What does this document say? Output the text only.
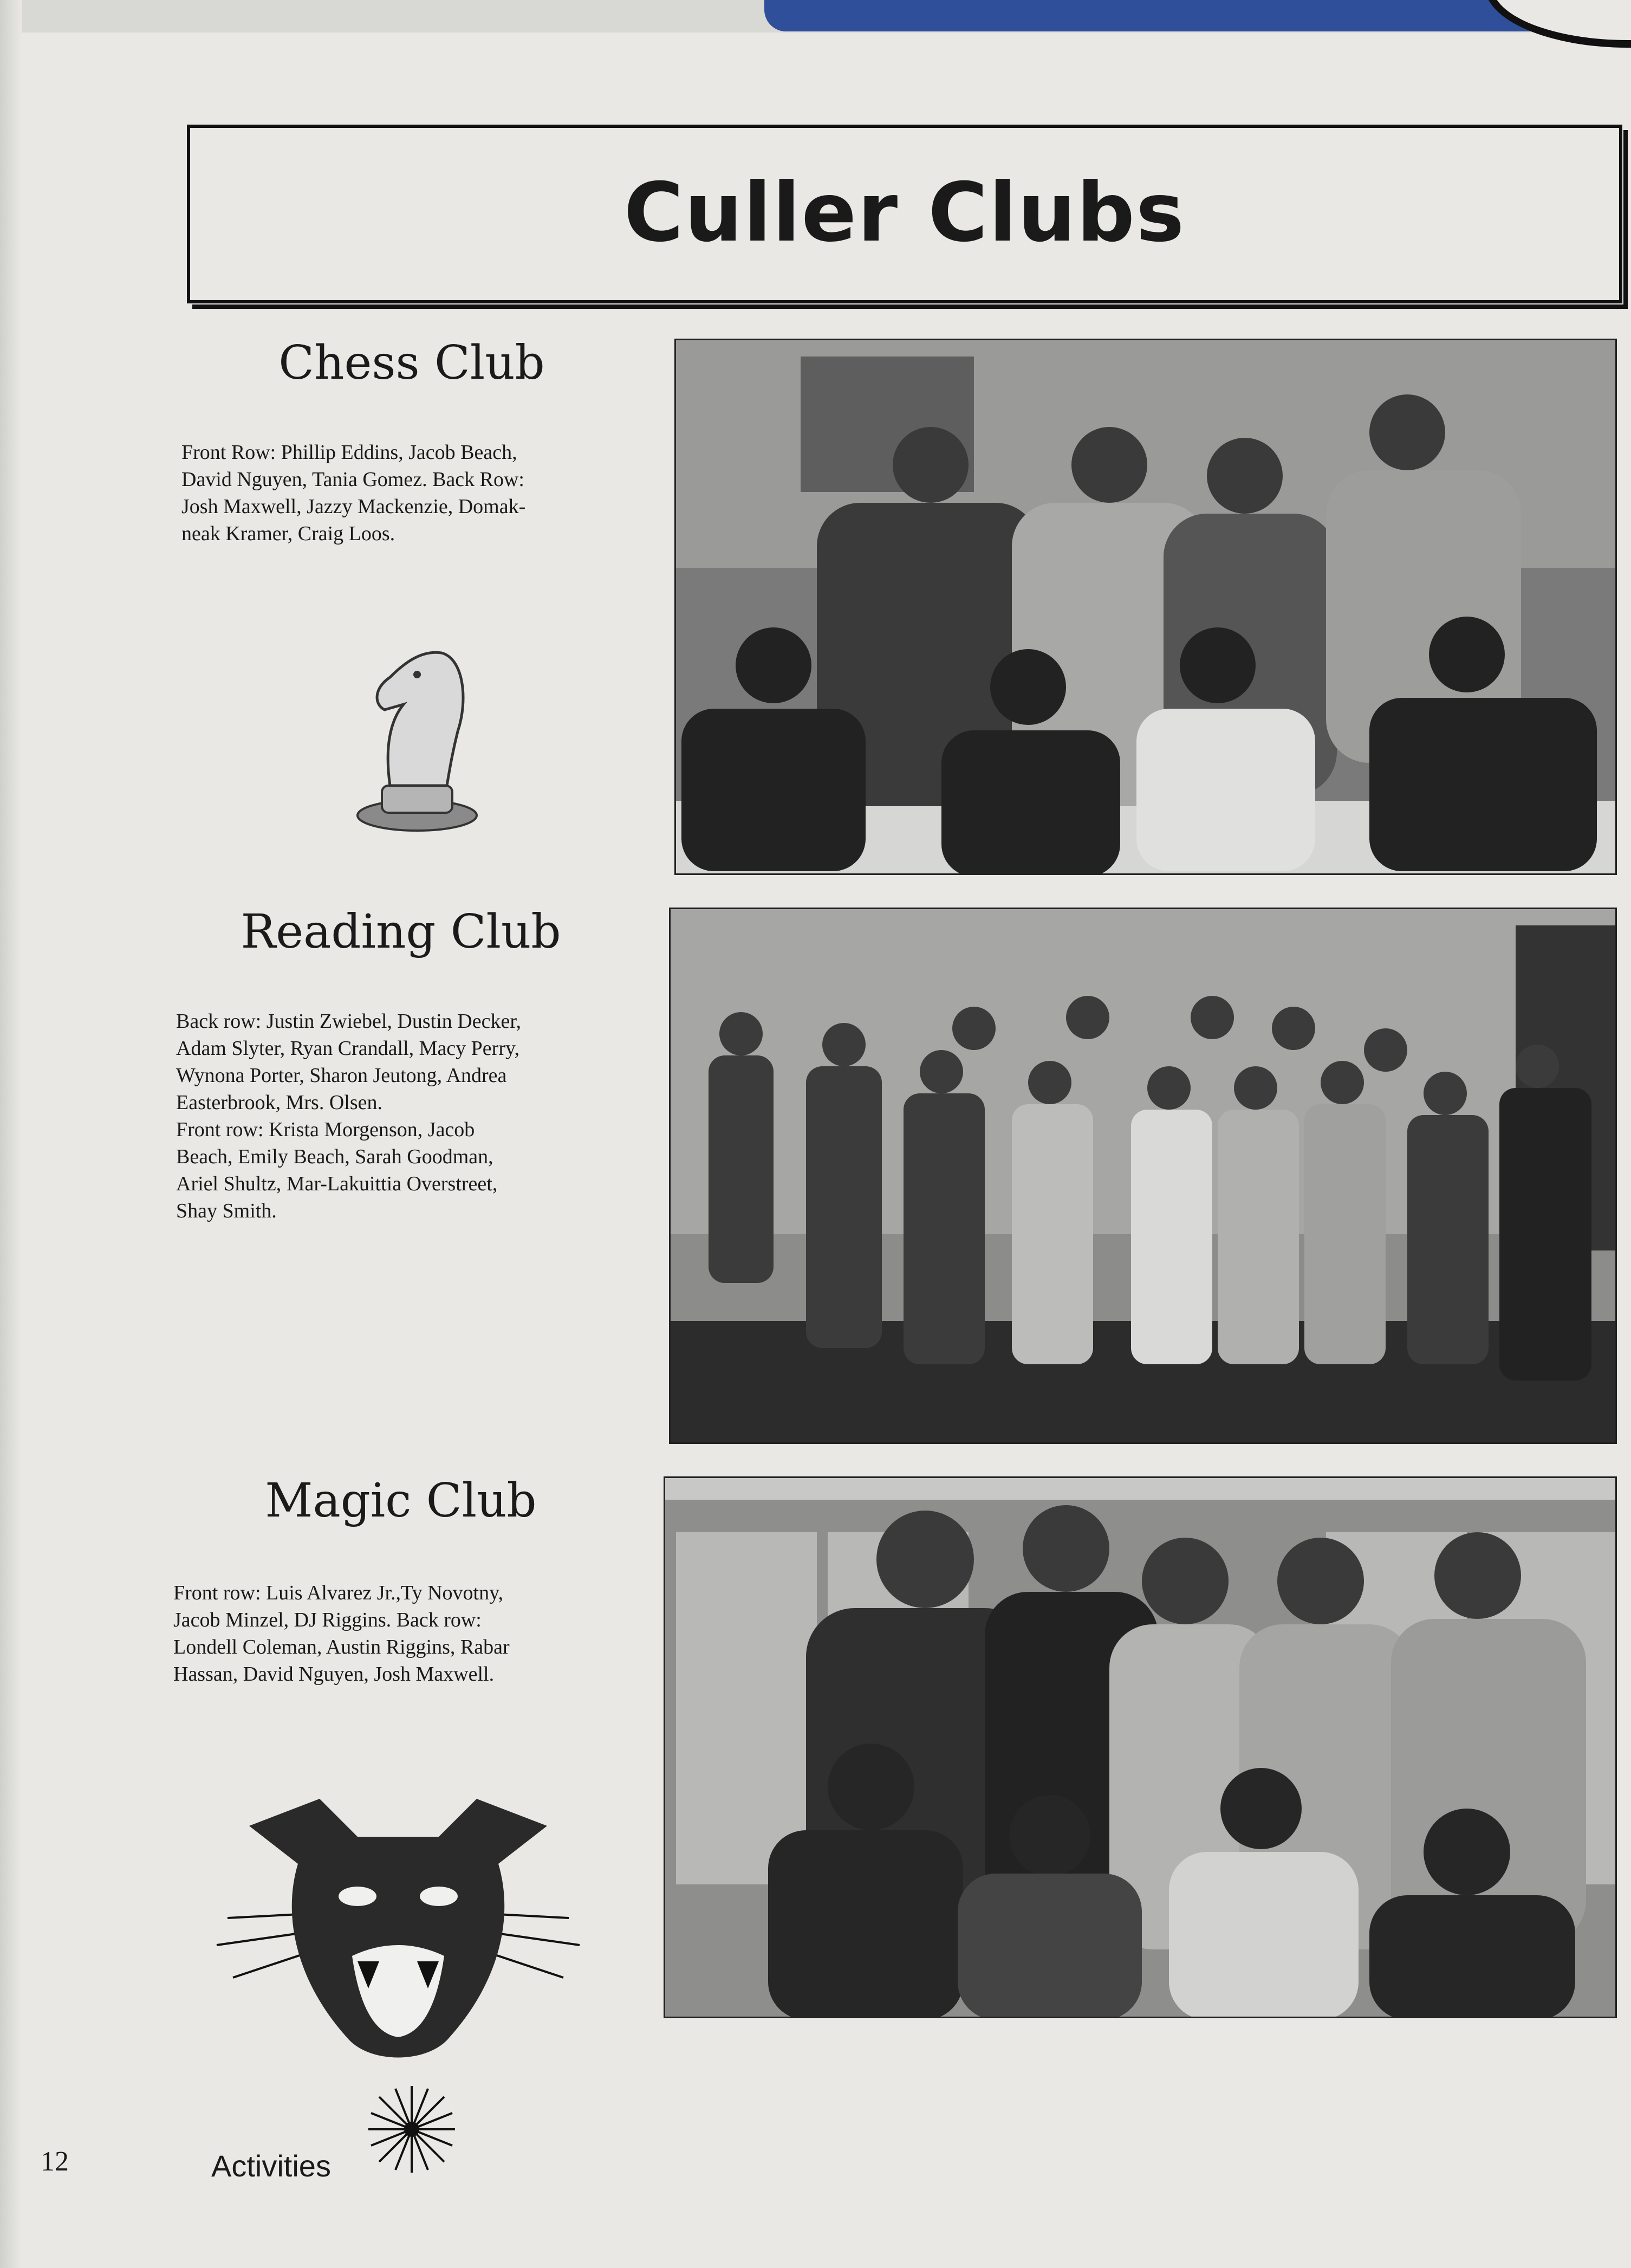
Culler Clubs
Chess Club
Front Row: Phillip Eddins, Jacob Beach,
David Nguyen, Tania Gomez. Back Row:
Josh Maxwell, Jazzy Mackenzie, Domak-
neak Kramer, Craig Loos.
Reading Club
Back row: Justin Zwiebel, Dustin Decker,
Adam Slyter, Ryan Crandall, Macy Perry,
Wynona Porter, Sharon Jeutong, Andrea
Easterbrook, Mrs. Olsen.
Front row: Krista Morgenson, Jacob
Beach, Emily Beach, Sarah Goodman,
Ariel Shultz, Mar-Lakuittia Overstreet,
Shay Smith.
Magic Club
Front row: Luis Alvarez Jr.,Ty Novotny,
Jacob Minzel, DJ Riggins. Back row:
Londell Coleman, Austin Riggins, Rabar
Hassan, David Nguyen, Josh Maxwell.
12	Activities
